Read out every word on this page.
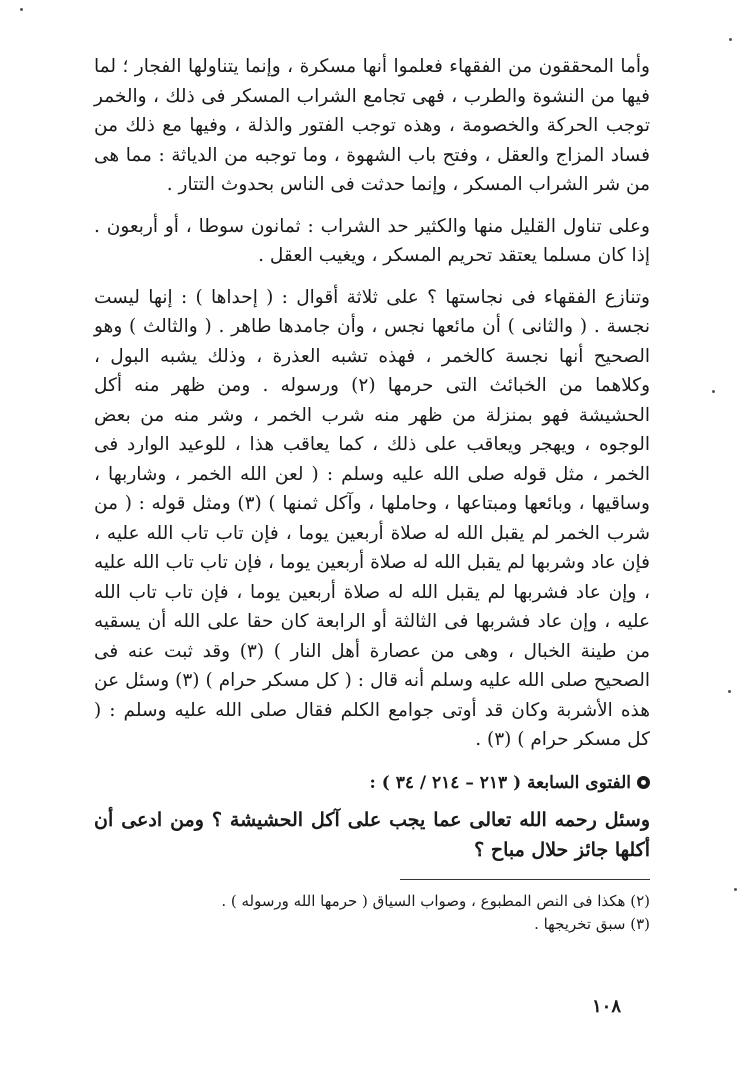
وأما المحققون من الفقهاء فعلموا أنها مسكرة ، وإنما يتناولها الفجار ؛ لما فيها من النشوة والطرب ، فهى تجامع الشراب المسكر فى ذلك ، والخمر توجب الحركة والخصومة ، وهذه توجب الفتور والذلة ، وفيها مع ذلك من فساد المزاج والعقل ، وفتح باب الشهوة ، وما توجبه من الدياثة : مما هى من شر الشراب المسكر ، وإنما حدثت فى الناس بحدوث التتار .

وعلى تناول القليل منها والكثير حد الشراب : ثمانون سوطا ، أو أربعون . إذا كان مسلما يعتقد تحريم المسكر ، ويغيب العقل .

وتنازع الفقهاء فى نجاستها ؟ على ثلاثة أقوال : ( إحداها ) : إنها ليست نجسة . ( والثانى ) أن مائعها نجس ، وأن جامدها طاهر . ( والثالث ) وهو الصحيح أنها نجسة كالخمر ، فهذه تشبه العذرة ، وذلك يشبه البول ، وكلاهما من الخبائث التى حرمها (٢) ورسوله . ومن ظهر منه أكل الحشيشة فهو بمنزلة من ظهر منه شرب الخمر ، وشر منه من بعض الوجوه ، ويهجر ويعاقب على ذلك ، كما يعاقب هذا ، للوعيد الوارد فى الخمر ، مثل قوله صلى الله عليه وسلم : ( لعن الله الخمر ، وشاربها ، وساقيها ، وبائعها ومبتاعها ، وحاملها ، وآكل ثمنها ) (٣) ومثل قوله : ( من شرب الخمر لم يقبل الله له صلاة أربعين يوما ، فإن تاب تاب الله عليه ، فإن عاد وشربها لم يقبل الله له صلاة أربعين يوما ، فإن تاب تاب الله عليه ، وإن عاد فشربها لم يقبل الله له صلاة أربعين يوما ، فإن تاب تاب الله عليه ، وإن عاد فشربها فى الثالثة أو الرابعة كان حقا على الله أن يسقيه من طينة الخبال ، وهى من عصارة أهل النار ) (٣) وقد ثبت عنه فى الصحيح صلى الله عليه وسلم أنه قال : ( كل مسكر حرام ) (٣) وسئل عن هذه الأشربة وكان قد أوتى جوامع الكلم فقال صلى الله عليه وسلم : ( كل مسكر حرام ) (٣) .

الفتوى السابعة ( ٢١٣ – ٢١٤ / ٣٤ ) :

وسئل رحمه الله تعالى عما يجب على آكل الحشيشة ؟ ومن ادعى أن أكلها جائز حلال مباح ؟

(٢) هكذا فى النص المطبوع ، وصواب السياق ( حرمها الله ورسوله ) .

(٣) سبق تخريجها .

١٠٨
